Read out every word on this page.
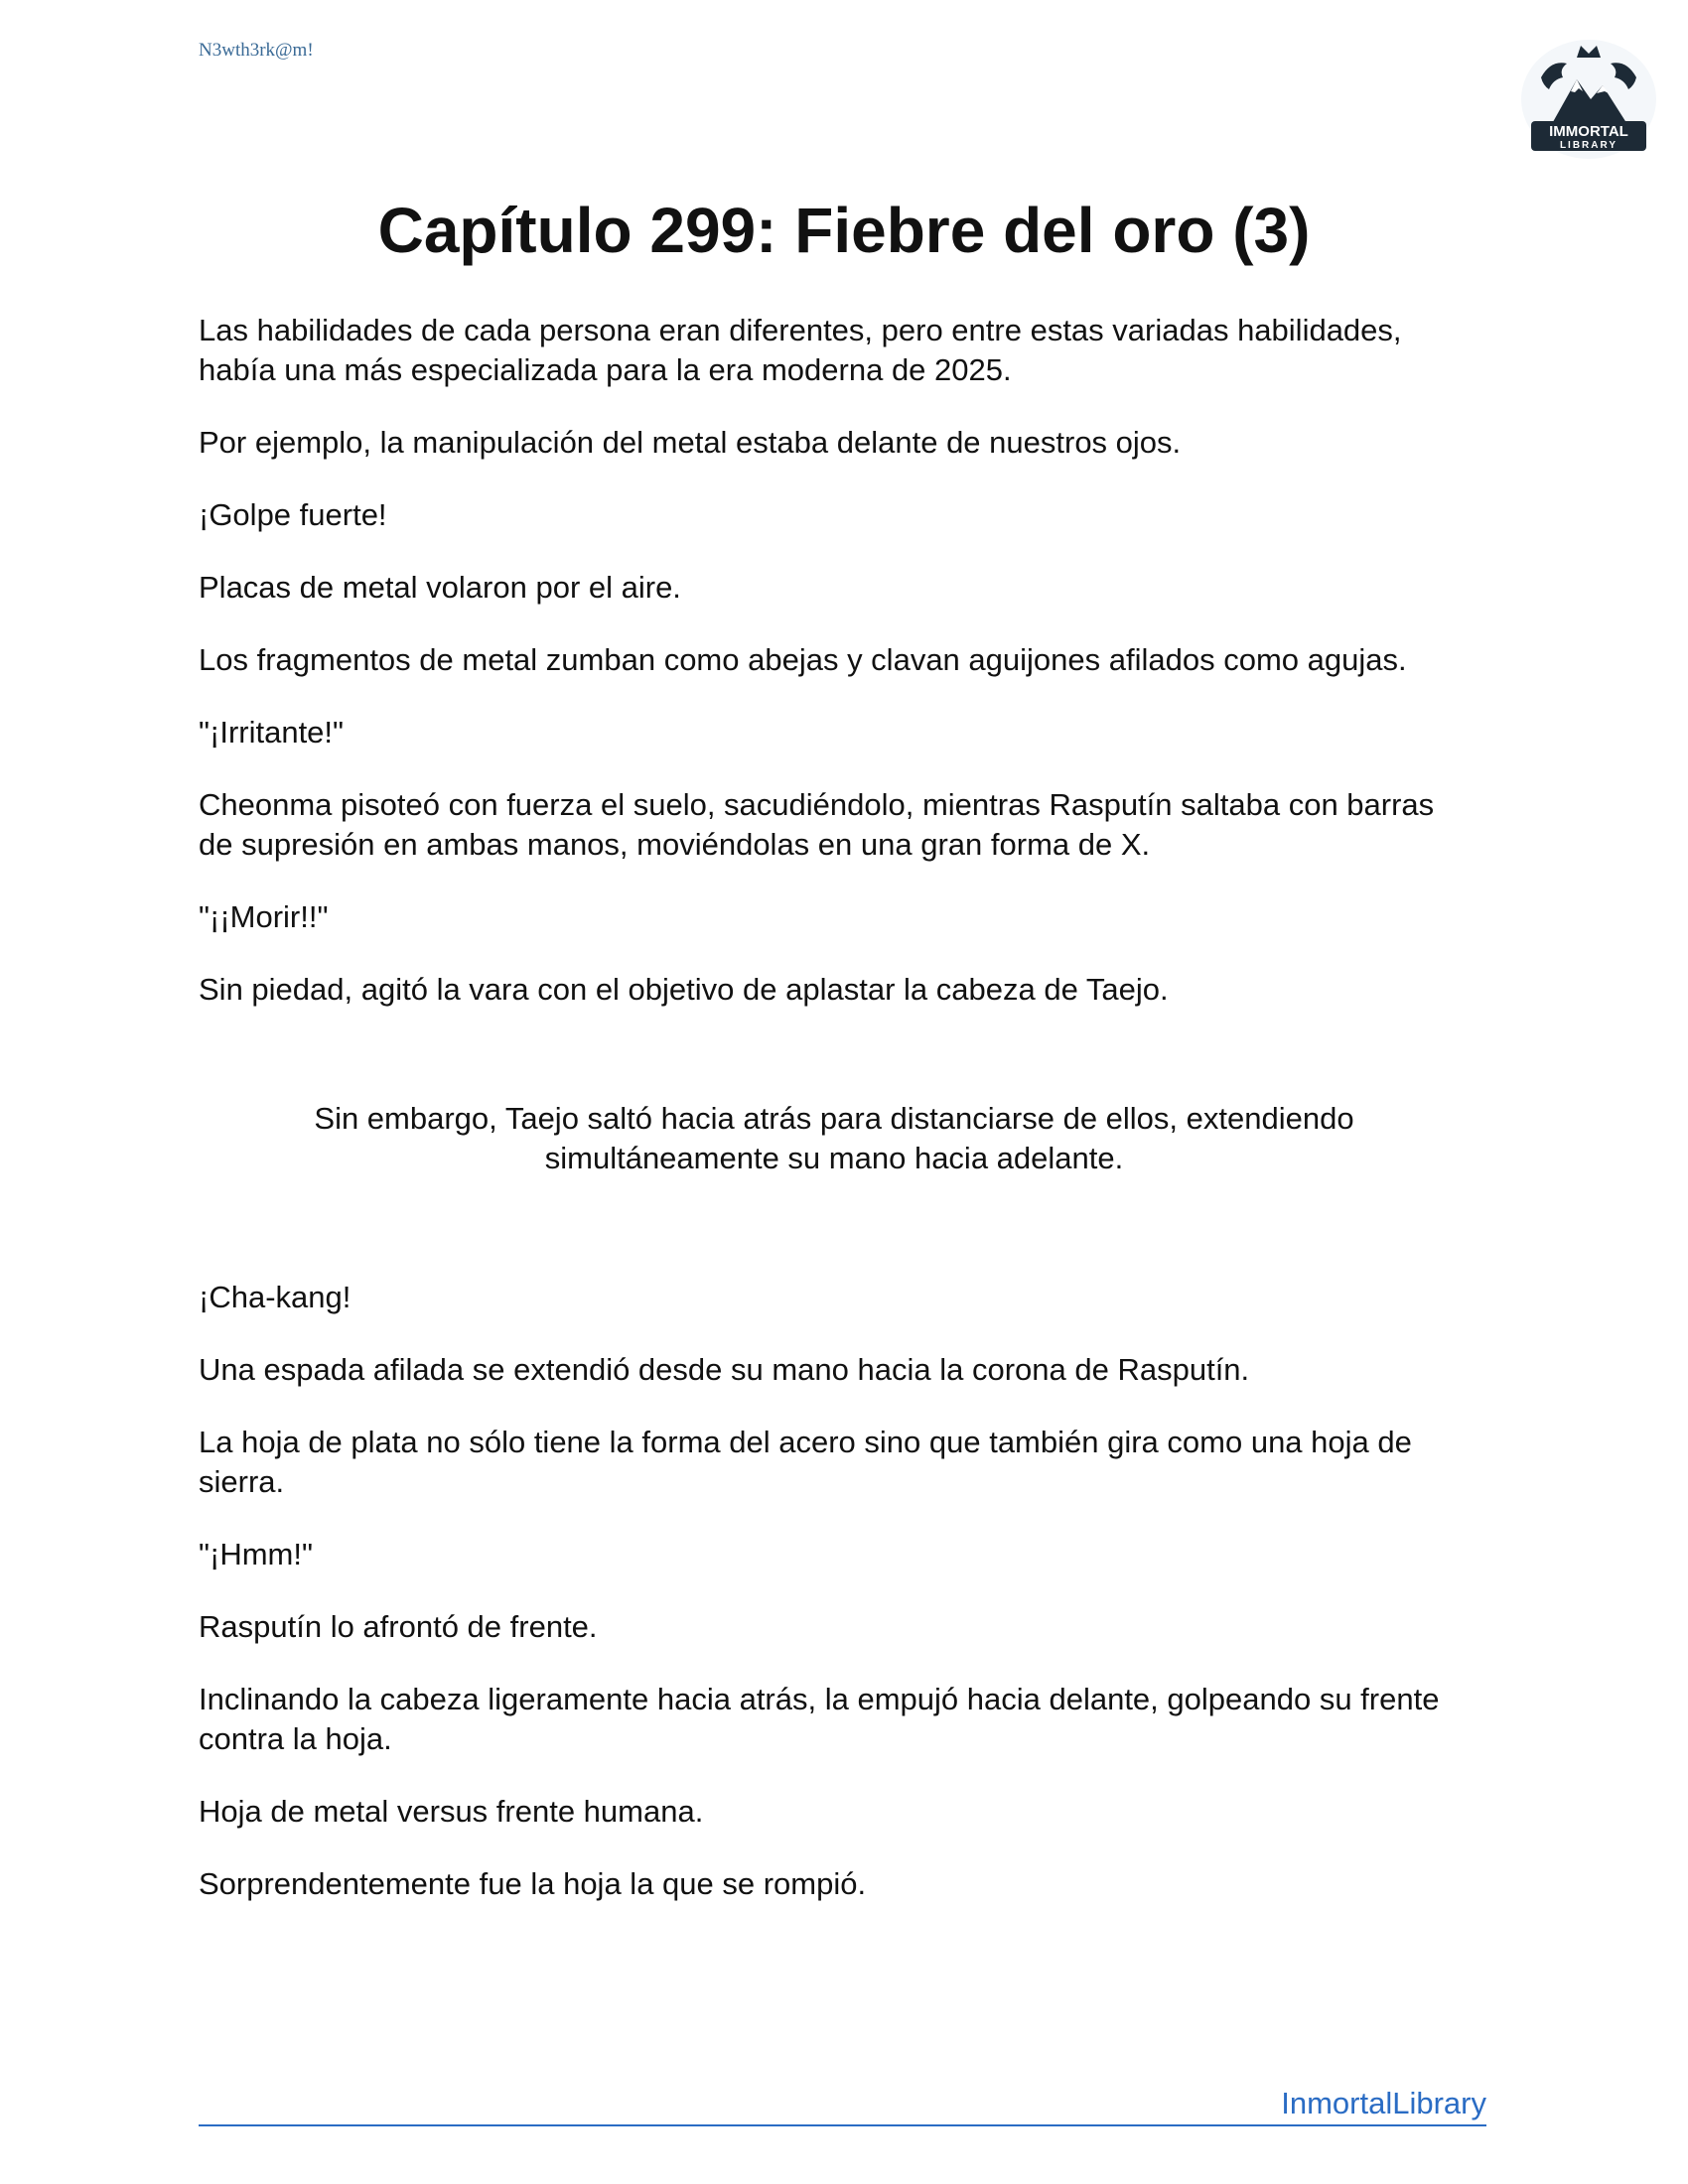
N3wth3rk@m!
IMMORTAL
LIBRARY
Capítulo 299: Fiebre del oro (3)

Las habilidades de cada persona eran diferentes, pero entre estas variadas habilidades, había una más especializada para la era moderna de 2025.

Por ejemplo, la manipulación del metal estaba delante de nuestros ojos.

¡Golpe fuerte!

Placas de metal volaron por el aire.

Los fragmentos de metal zumban como abejas y clavan aguijones afilados como agujas.

"¡Irritante!"

Cheonma pisoteó con fuerza el suelo, sacudiéndolo, mientras Rasputín saltaba con barras de supresión en ambas manos, moviéndolas en una gran forma de X.

"¡¡Morir!!"

Sin piedad, agitó la vara con el objetivo de aplastar la cabeza de Taejo.

Sin embargo, Taejo saltó hacia atrás para distanciarse de ellos, extendiendo simultáneamente su mano hacia adelante.

¡Cha-kang!

Una espada afilada se extendió desde su mano hacia la corona de Rasputín.

La hoja de plata no sólo tiene la forma del acero sino que también gira como una hoja de sierra.

"¡Hmm!"

Rasputín lo afrontó de frente.

Inclinando la cabeza ligeramente hacia atrás, la empujó hacia delante, golpeando su frente contra la hoja.

Hoja de metal versus frente humana.

Sorprendentemente fue la hoja la que se rompió.

InmortalLibrary
